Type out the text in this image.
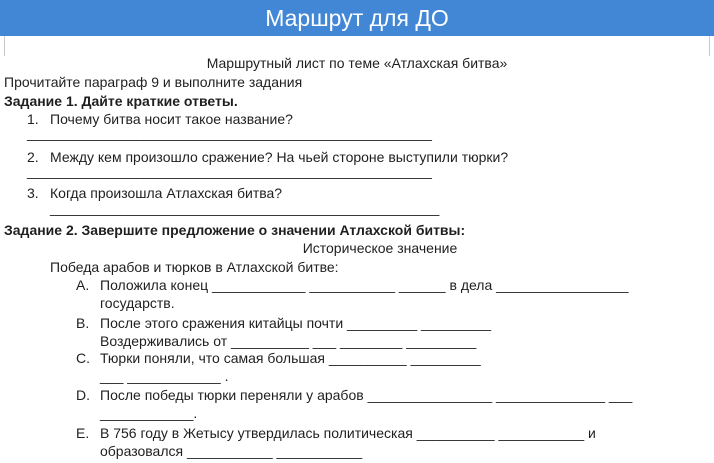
Маршрут для ДО
Маршрутный лист по теме «Атлахская битва»
Прочитайте параграф 9 и выполните задания
Задание 1. Дайте краткие ответы.
1. Почему битва носит такое название?
____________________________________________________
2. Между кем произошло сражение? На чьей стороне выступили тюрки?
____________________________________________________
3. Когда произошла Атлахская битва?
__________________________________________________
Задание 2. Завершите предложение о значении Атлахской битвы:
Историческое значение
Победа арабов и тюрков в Атлахской битве:
A. Положила конец ____________ ___________ ______ в дела _________________
государств.
B. После этого сражения китайцы почти _________ _________
Воздерживались от __________ ___ ________ _________
C. Тюрки поняли, что самая большая __________ _________
___ ____________ .
D. После победы тюрки переняли у арабов ________________ ______________ ___
____________.
E. В 756 году в Жетысу утвердилась политическая __________ ___________ и
образовался ___________ ___________
